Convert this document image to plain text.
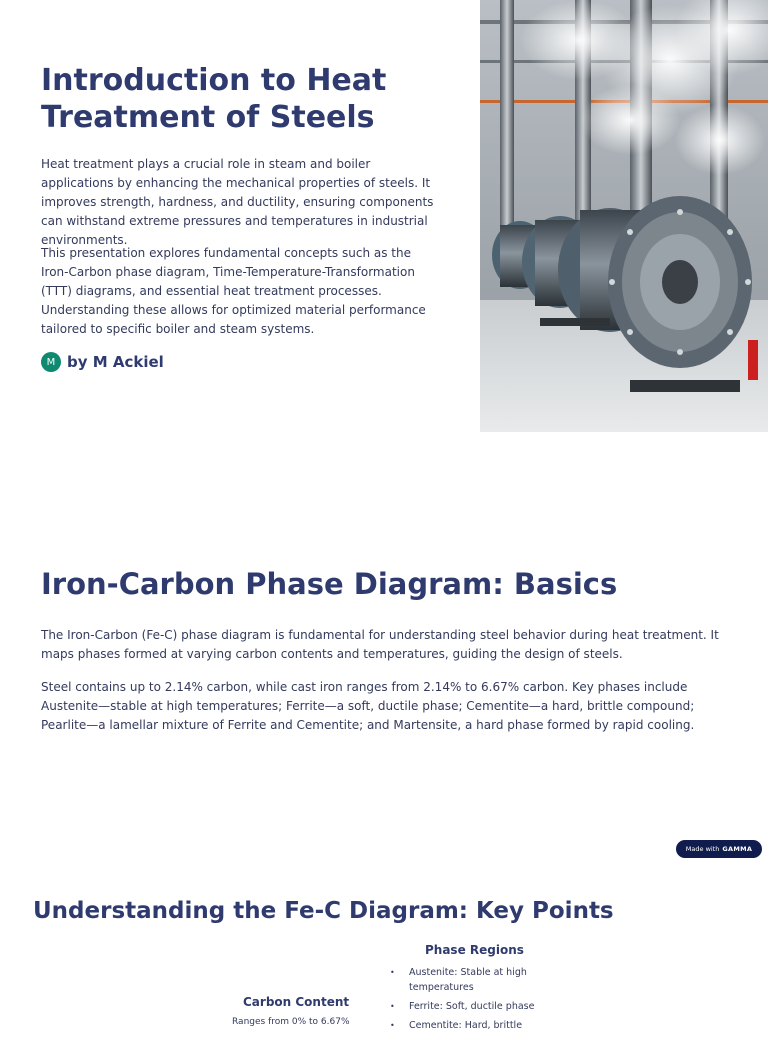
Introduction to Heat Treatment of Steels

Heat treatment plays a crucial role in steam and boiler applications by enhancing the mechanical properties of steels. It improves strength, hardness, and ductility, ensuring components can withstand extreme pressures and temperatures in industrial environments.

This presentation explores fundamental concepts such as the Iron-Carbon phase diagram, Time-Temperature-Transformation (TTT) diagrams, and essential heat treatment processes. Understanding these allows for optimized material performance tailored to specific boiler and steam systems.

M by M Ackiel
Iron-Carbon Phase Diagram: Basics

The Iron-Carbon (Fe-C) phase diagram is fundamental for understanding steel behavior during heat treatment. It maps phases formed at varying carbon contents and temperatures, guiding the design of steels.

Steel contains up to 2.14% carbon, while cast iron ranges from 2.14% to 6.67% carbon. Key phases include Austenite—stable at high temperatures; Ferrite—a soft, ductile phase; Cementite—a hard, brittle compound; Pearlite—a lamellar mixture of Ferrite and Cementite; and Martensite, a hard phase formed by rapid cooling.

Made with GAMMA
Understanding the Fe-C Diagram: Key Points
Phase Regions
• Austenite: Stable at high temperatures
• Ferrite: Soft, ductile phase
• Cementite: Hard, brittle
Carbon Content
Ranges from 0% to 6.67%
